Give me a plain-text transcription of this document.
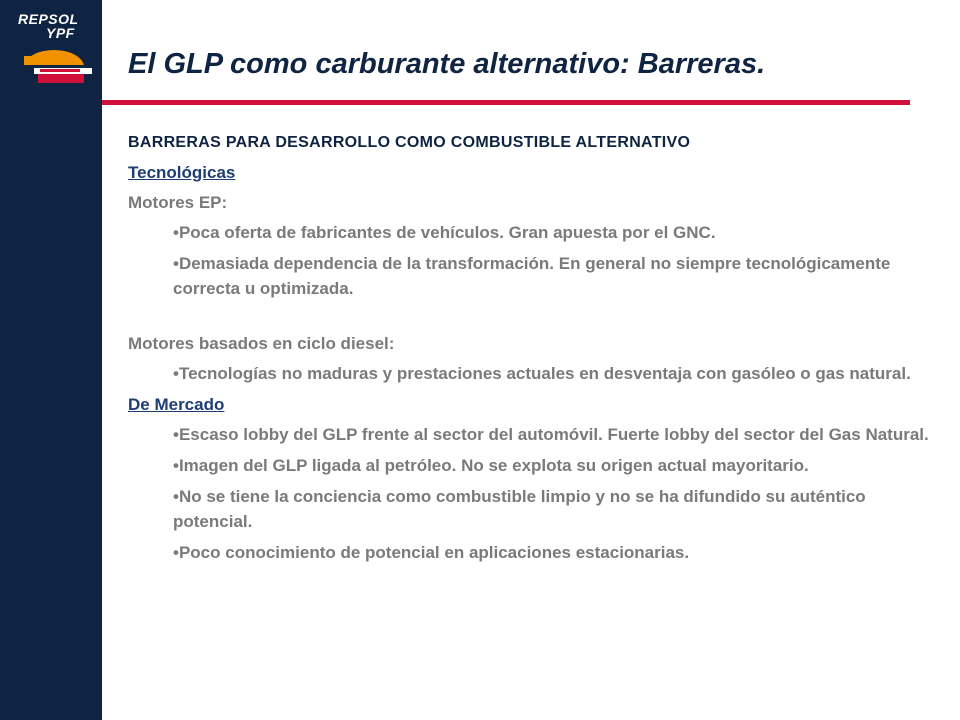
REPSOL
YPF
El GLP como carburante alternativo: Barreras.
BARRERAS PARA DESARROLLO COMO COMBUSTIBLE ALTERNATIVO
Tecnológicas
Motores EP:
•Poca oferta de fabricantes de vehículos. Gran apuesta por el GNC.
•Demasiada dependencia de la transformación. En general no siempre tecnológicamente correcta u optimizada.
Motores basados en ciclo diesel:
•Tecnologías no maduras y prestaciones actuales en desventaja con gasóleo o gas natural.
De Mercado
•Escaso lobby del GLP frente al sector del automóvil. Fuerte lobby del sector del Gas Natural.
•Imagen del GLP ligada al petróleo. No se explota su origen actual mayoritario.
•No se tiene la conciencia como combustible limpio y no se ha difundido su auténtico potencial.
•Poco conocimiento de potencial en aplicaciones estacionarias.
